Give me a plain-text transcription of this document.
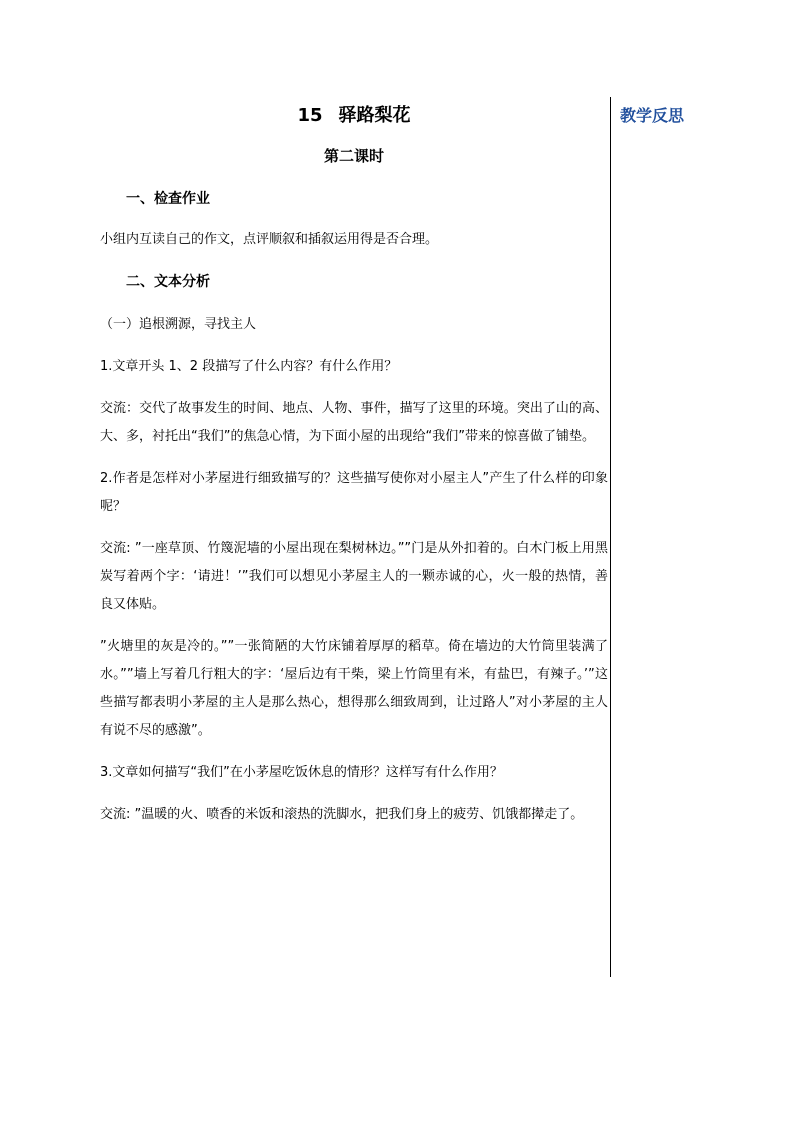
15 驿路梨花
第二课时
一、检查作业

小组内互读自己的作文，点评顺叙和插叙运用得是否合理。

二、文本分析

（一）追根溯源，寻找主人

1.文章开头 1、2 段描写了什么内容？有什么作用？

交流：交代了故事发生的时间、地点、人物、事件，描写了这里的环境。突出了山的高、大、多，衬托出“我们”的焦急心情，为下面小屋的出现给“我们”带来的惊喜做了铺垫。

2.作者是怎样对小茅屋进行细致描写的？这些描写使你对小屋主人”产生了什么样的印象呢？

交流: ”一座草顶、竹篾泥墙的小屋出现在梨树林边。””门是从外扣着的。白木门板上用黑炭写着两个字：‘请进！’”我们可以想见小茅屋主人的一颗赤诚的心，火一般的热情，善良又体贴。

”火塘里的灰是冷的。””一张简陋的大竹床铺着厚厚的稻草。倚在墙边的大竹筒里装满了水。””墙上写着几行粗大的字：‘屋后边有干柴，梁上竹筒里有米，有盐巴，有辣子。’”这些描写都表明小茅屋的主人是那么热心，想得那么细致周到，让过路人”对小茅屋的主人有说不尽的感激”。

3.文章如何描写“我们”在小茅屋吃饭休息的情形？这样写有什么作用？

交流: ”温暖的火、喷香的米饭和滚热的洗脚水，把我们身上的疲劳、饥饿都撵走了。

教学反思
